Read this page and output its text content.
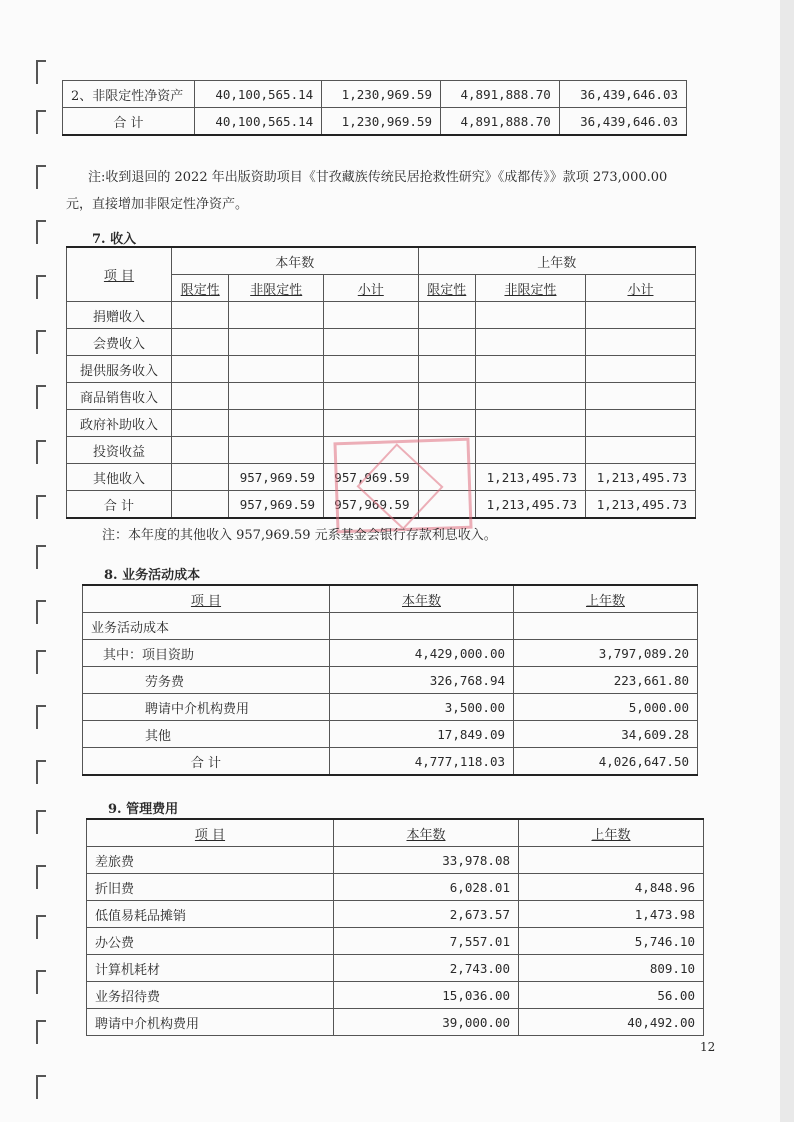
2、非限定性净资产	40,100,565.14	1,230,969.59	4,891,888.70	36,439,646.03
合 计	40,100,565.14	1,230,969.59	4,891,888.70	36,439,646.03
注:收到退回的 2022 年出版资助项目《甘孜藏族传统民居抢救性研究》《成都传》》款项 273,000.00
元，直接增加非限定性净资产。
7. 收入
项 目	本年数			上年数		
	限定性	非限定性	小计	限定性	非限定性	小计
捐赠收入						
会费收入						
提供服务收入						
商品销售收入						
政府补助收入						
投资收益						
其他收入		957,969.59	957,969.59		1,213,495.73	1,213,495.73
合 计		957,969.59	957,969.59		1,213,495.73	1,213,495.73
注：本年度的其他收入 957,969.59 元系基金会银行存款利息收入。
8. 业务活动成本
项 目	本年数	上年数
业务活动成本		
其中：项目资助	4,429,000.00	3,797,089.20
劳务费	326,768.94	223,661.80
聘请中介机构费用	3,500.00	5,000.00
其他	17,849.09	34,609.28
合 计	4,777,118.03	4,026,647.50
9. 管理费用
项 目	本年数	上年数
差旅费	33,978.08	
折旧费	6,028.01	4,848.96
低值易耗品摊销	2,673.57	1,473.98
办公费	7,557.01	5,746.10
计算机耗材	2,743.00	809.10
业务招待费	15,036.00	56.00
聘请中介机构费用	39,000.00	40,492.00
12
